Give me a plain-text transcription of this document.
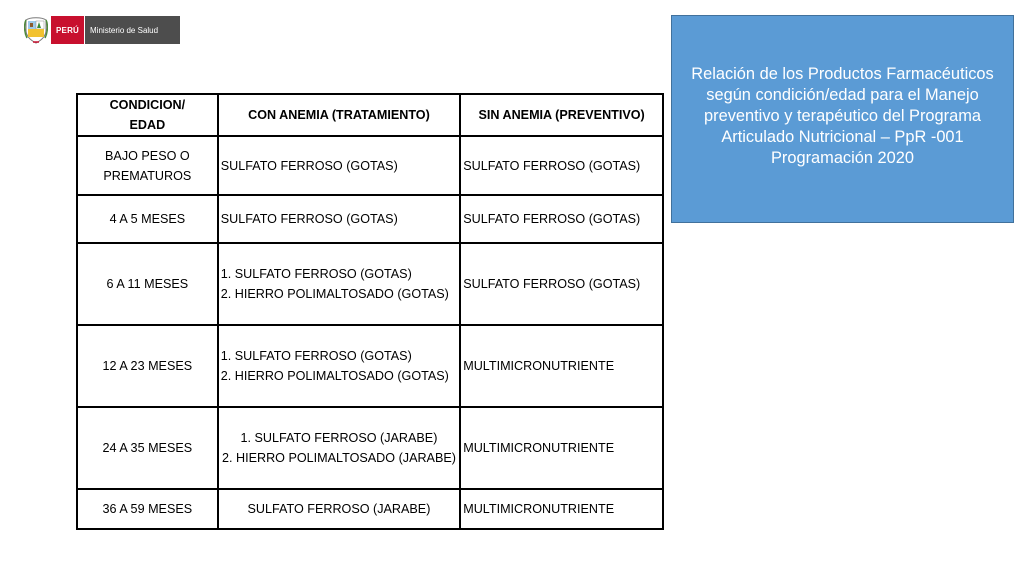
PERÚ	Ministerio de Salud
Relación de los Productos Farmacéuticos
según condición/edad para el Manejo
preventivo y terapéutico del Programa
Articulado Nutricional – PpR -001
Programación 2020
CONDICION/
EDAD	CON ANEMIA (TRATAMIENTO)	SIN ANEMIA (PREVENTIVO)

BAJO PESO O
PREMATUROS	SULFATO FERROSO (GOTAS)	SULFATO FERROSO (GOTAS)
4 A 5 MESES	SULFATO FERROSO (GOTAS)	SULFATO FERROSO (GOTAS)
6 A 11 MESES	1. SULFATO FERROSO (GOTAS)
2. HIERRO POLIMALTOSADO (GOTAS)	SULFATO FERROSO (GOTAS)
12 A 23 MESES	1. SULFATO FERROSO (GOTAS)
2. HIERRO POLIMALTOSADO (GOTAS)	MULTIMICRONUTRIENTE
24 A 35 MESES	1. SULFATO FERROSO (JARABE)
2. HIERRO POLIMALTOSADO (JARABE)	MULTIMICRONUTRIENTE
36 A 59 MESES	SULFATO FERROSO (JARABE)	MULTIMICRONUTRIENTE
